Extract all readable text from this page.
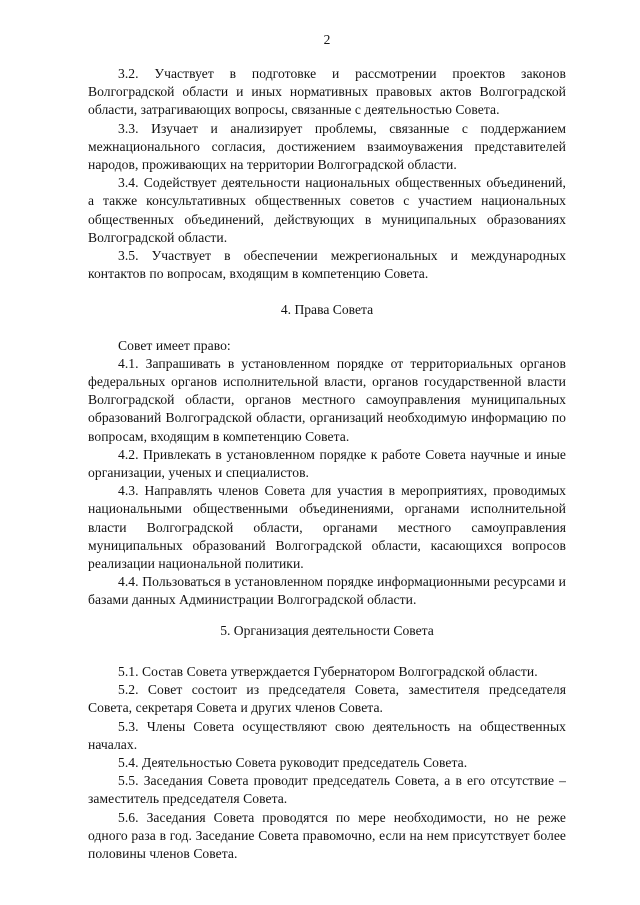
2

3.2. Участвует в подготовке и рассмотрении проектов законов Волгоградской области и иных нормативных правовых актов Волгоградской области, затрагивающих вопросы, связанные с деятельностью Совета.

3.3. Изучает и анализирует проблемы, связанные с поддержанием межнационального согласия, достижением взаимоуважения представителей народов, проживающих на территории Волгоградской области.

3.4. Содействует деятельности национальных общественных объединений, а также консультативных общественных советов с участием национальных общественных объединений, действующих в муниципальных образованиях Волгоградской области.

3.5. Участвует в обеспечении межрегиональных и международных контактов по вопросам, входящим в компетенцию Совета.

4. Права Совета

Совет имеет право:

4.1. Запрашивать в установленном порядке от территориальных органов федеральных органов исполнительной власти, органов государственной власти Волгоградской области, органов местного самоуправления муниципальных образований Волгоградской области, организаций необходимую информацию по вопросам, входящим в компетенцию Совета.

4.2. Привлекать в установленном порядке к работе Совета научные и иные организации, ученых и специалистов.

4.3. Направлять членов Совета для участия в мероприятиях, проводимых национальными общественными объединениями, органами исполнительной власти Волгоградской области, органами местного самоуправления муниципальных образований Волгоградской области, касающихся вопросов реализации национальной политики.

4.4. Пользоваться в установленном порядке информационными ресурсами и базами данных Администрации Волгоградской области.

5. Организация деятельности Совета

5.1. Состав Совета утверждается Губернатором Волгоградской области.

5.2. Совет состоит из председателя Совета, заместителя председателя Совета, секретаря Совета и других членов Совета.

5.3. Члены Совета осуществляют свою деятельность на общественных началах.

5.4. Деятельностью Совета руководит председатель Совета.

5.5. Заседания Совета проводит председатель Совета, а в его отсутствие – заместитель председателя Совета.

5.6. Заседания Совета проводятся по мере необходимости, но не реже одного раза в год. Заседание Совета правомочно, если на нем присутствует более половины членов Совета.
